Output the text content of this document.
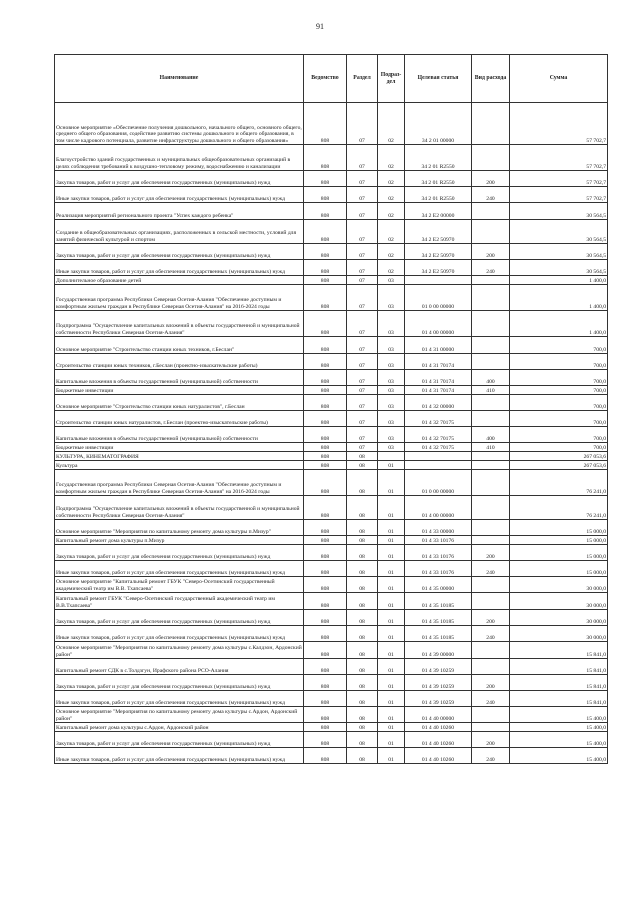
91
Наименование	Ведомство	Раздел	Подраз- дел	Целевая статья	Вид расхода	Сумма
Основное мероприятие «Обеспечение получения дошкольного, начального общего, основного общего, среднего общего образования, содействие развитию системы дошкольного и общего образования, в том числе кадрового потенциала, развитие инфраструктуры дошкольного и общего образования»	808	07	02	34 2 01 00000		57 702,7
Благоустройство зданий государственных и муниципальных общеобразовательных организаций в целях соблюдения требований к воздушно-тепловому режиму, водоснабжению и канализации	808	07	02	34 2 01 R2550		57 702,7
Закупка товаров, работ и услуг для обеспечения государственных (муниципальных) нужд	808	07	02	34 2 01 R2550	200	57 702,7
Иные закупки товаров, работ и услуг для обеспечения государственных (муниципальных) нужд	808	07	02	34 2 01 R2550	240	57 702,7
Реализация мероприятий регионального проекта "Успех каждого ребенка"	808	07	02	34 2 E2 00000		30 564,5
Создание в общеобразовательных организациях, расположенных в сельской местности, условий для занятий физической культурой и спортом	808	07	02	34 2 E2 50970		30 564,5
Закупка товаров, работ и услуг для обеспечения государственных (муниципальных) нужд	808	07	02	34 2 E2 50970	200	30 564,5
Иные закупки товаров, работ и услуг для обеспечения государственных (муниципальных) нужд	808	07	02	34 2 E2 50970	240	30 564,5
Дополнительное образование детей	808	07	03			1 400,0
Государственная программа Республики Северная Осетия-Алания "Обеспечение доступным и комфортным жильем граждан в Республике Северная Осетия-Алания" на 2016-2024 годы	808	07	03	01 0 00 00000		1 400,0
Подпрограмма "Осуществление капитальных вложений в объекты государственной и муниципальной собственности Республики Северная Осетия-Алания"	808	07	03	01 4 00 00000		1 400,0
Основное мероприятие "Строительство станции юных техников, г.Беслан"	808	07	03	01 4 31 00000		700,0
Строительство станции юных техников, г.Беслан (проектно-изыскательские работы)	808	07	03	01 4 31 70174		700,0
Капитальные вложения в объекты государственной (муниципальной) собственности	808	07	03	01 4 31 70174	400	700,0
Бюджетные инвестиции	808	07	03	01 4 31 70174	410	700,0
Основное мероприятие "Строительство станции юных натуралистов", г.Беслан	808	07	03	01 4 32 00000		700,0
Строительство станции юных натуралистов, г.Беслан (проектно-изыскательские работы)	808	07	03	01 4 32 70175		700,0
Капитальные вложения в объекты государственной (муниципальной) собственности	808	07	03	01 4 32 70175	400	700,0
Бюджетные инвестиции	808	07	03	01 4 32 70175	410	700,0
КУЛЬТУРА, КИНЕМАТОГРАФИЯ	808	08				267 053,6
Культура	808	08	01			267 053,6
Государственная программа Республики Северная Осетия-Алания "Обеспечение доступным и комфортным жильем граждан в Республике Северная Осетия-Алания" на 2016-2024 годы	808	08	01	01 0 00 00000		76 241,0
Подпрограмма "Осуществление капитальных вложений в объекты государственной и муниципальной собственности Республики Северная Осетия-Алания"	808	08	01	01 4 00 00000		76 241,0
Основное мероприятие "Мероприятия по капитальному ремонту дома культуры п.Мизур"	808	08	01	01 4 33 00000		15 000,0
Капитальный ремонт дома культуры п.Мизур	808	08	01	01 4 33 10176		15 000,0
Закупка товаров, работ и услуг для обеспечения государственных (муниципальных) нужд	808	08	01	01 4 33 10176	200	15 000,0
Иные закупки товаров, работ и услуг для обеспечения государственных (муниципальных) нужд	808	08	01	01 4 33 10176	240	15 000,0
Основное мероприятие "Капитальный ремонт ГБУК "Северо-Осетинский государственный академический театр им В.В. Тхапсаева"	808	08	01	01 4 35 00000		30 000,0
Капитальный ремонт ГБУК "Северо-Осетинский государственный академический театр им В.В.Тхапсаева"	808	08	01	01 4 35 10185		30 000,0
Закупка товаров, работ и услуг для обеспечения государственных (муниципальных) нужд	808	08	01	01 4 35 10185	200	30 000,0
Иные закупки товаров, работ и услуг для обеспечения государственных (муниципальных) нужд	808	08	01	01 4 35 10185	240	30 000,0
Основное мероприятие "Мероприятия по капитальному ремонту дома культуры с.Калдзон, Ардонский район"	808	08	01	01 4 39 00000		15 841,0
Капитальный ремонт СДК в с.Толдзгун, Ирафского района РСО-Алания	808	08	01	01 4 39 10259		15 841,0
Закупка товаров, работ и услуг для обеспечения государственных (муниципальных) нужд	808	08	01	01 4 39 10259	200	15 841,0
Иные закупки товаров, работ и услуг для обеспечения государственных (муниципальных) нужд	808	08	01	01 4 39 10259	240	15 841,0
Основное мероприятие "Мероприятия по капитальному ремонту дома культуры с.Ардон, Ардонский район"	808	08	01	01 4 40 00000		15 400,0
Капитальный ремонт дома культуры с.Ардон, Ардонский район	808	08	01	01 4 40 10260		15 400,0
Закупка товаров, работ и услуг для обеспечения государственных (муниципальных) нужд	808	08	01	01 4 40 10260	200	15 400,0
Иные закупки товаров, работ и услуг для обеспечения государственных (муниципальных) нужд	808	08	01	01 4 40 10260	240	15 400,0
